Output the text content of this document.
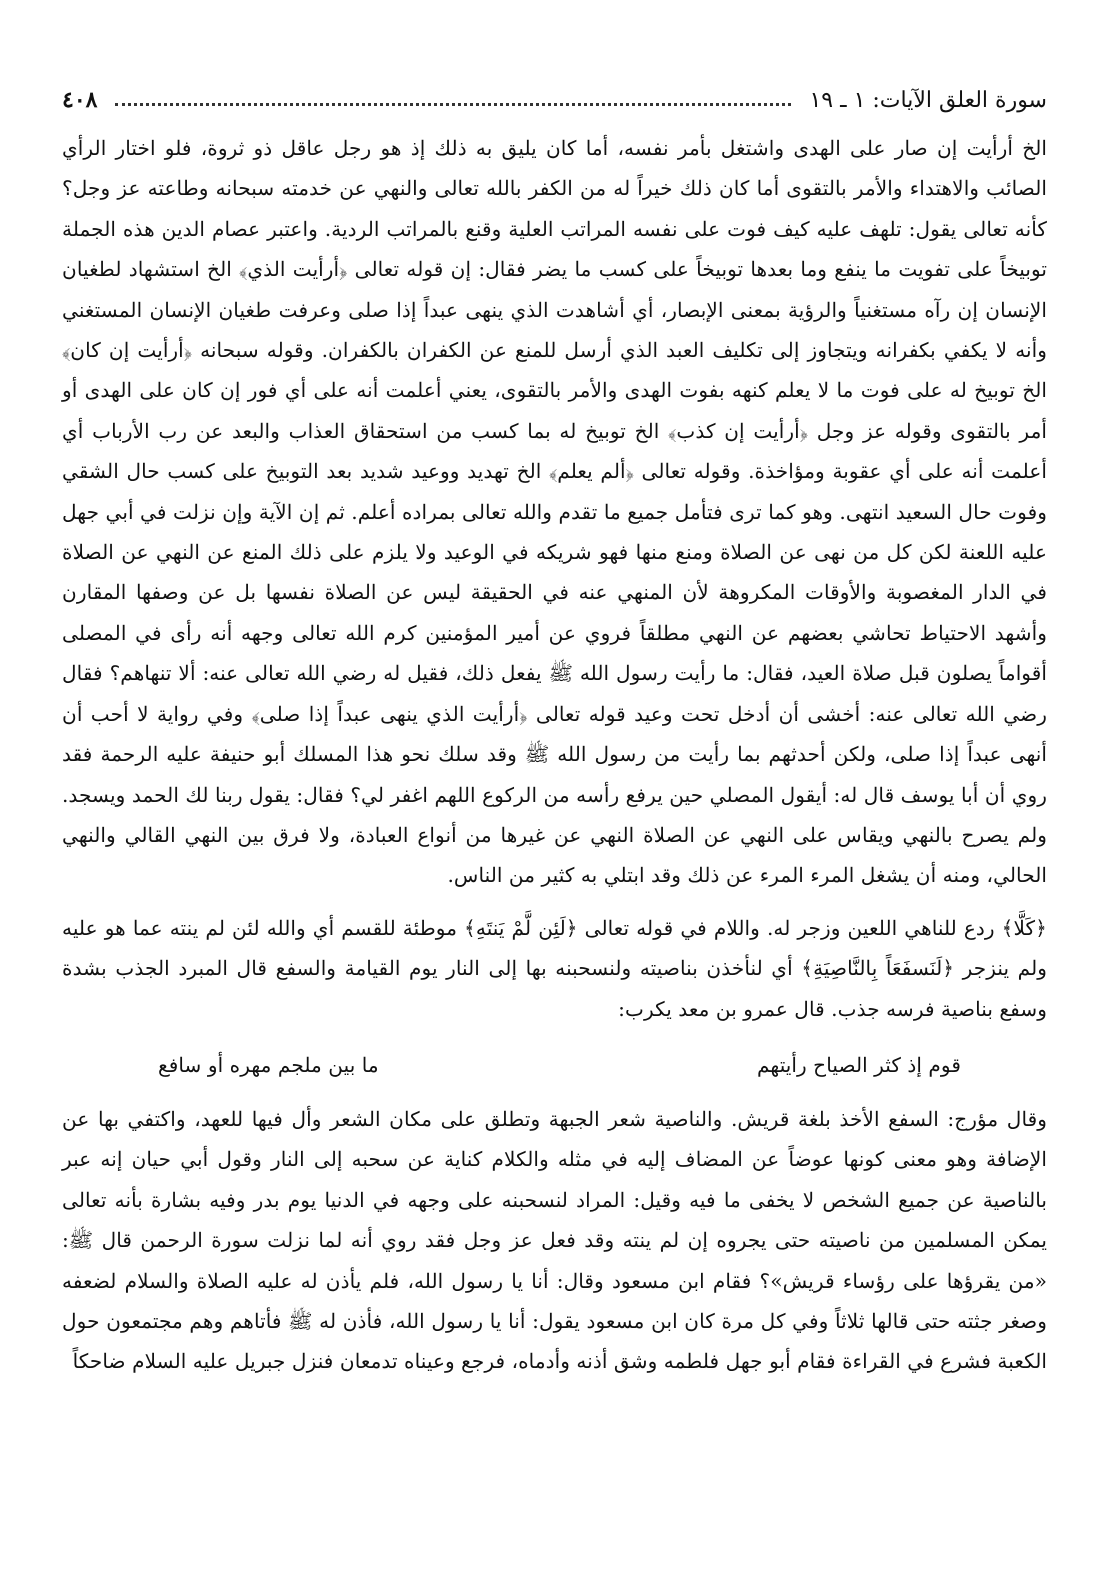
سورة العلق الآيات: ١ ـ ١٩
٤٠٨

الخ أرأيت إن صار على الهدى واشتغل بأمر نفسه، أما كان يليق به ذلك إذ هو رجل عاقل ذو ثروة، فلو اختار الرأي الصائب والاهتداء والأمر بالتقوى أما كان ذلك خيراً له من الكفر بالله تعالى والنهي عن خدمته سبحانه وطاعته عز وجل؟ كأنه تعالى يقول: تلهف عليه كيف فوت على نفسه المراتب العلية وقنع بالمراتب الردية. واعتبر عصام الدين هذه الجملة توبيخاً على تفويت ما ينفع وما بعدها توبيخاً على كسب ما يضر فقال: إن قوله تعالى ﴿أرأيت الذي﴾ الخ استشهاد لطغيان الإنسان إن رآه مستغنياً والرؤية بمعنى الإبصار، أي أشاهدت الذي ينهى عبداً إذا صلى وعرفت طغيان الإنسان المستغني وأنه لا يكفي بكفرانه ويتجاوز إلى تكليف العبد الذي أرسل للمنع عن الكفران بالكفران. وقوله سبحانه ﴿أرأيت إن كان﴾ الخ توبيخ له على فوت ما لا يعلم كنهه بفوت الهدى والأمر بالتقوى، يعني أعلمت أنه على أي فور إن كان على الهدى أو أمر بالتقوى وقوله عز وجل ﴿أرأيت إن كذب﴾ الخ توبيخ له بما كسب من استحقاق العذاب والبعد عن رب الأرباب أي أعلمت أنه على أي عقوبة ومؤاخذة. وقوله تعالى ﴿ألم يعلم﴾ الخ تهديد ووعيد شديد بعد التوبيخ على كسب حال الشقي وفوت حال السعيد انتهى. وهو كما ترى فتأمل جميع ما تقدم والله تعالى بمراده أعلم. ثم إن الآية وإن نزلت في أبي جهل عليه اللعنة لكن كل من نهى عن الصلاة ومنع منها فهو شريكه في الوعيد ولا يلزم على ذلك المنع عن النهي عن الصلاة في الدار المغصوبة والأوقات المكروهة لأن المنهي عنه في الحقيقة ليس عن الصلاة نفسها بل عن وصفها المقارن وأشهد الاحتياط تحاشي بعضهم عن النهي مطلقاً فروي عن أمير المؤمنين كرم الله تعالى وجهه أنه رأى في المصلى أقواماً يصلون قبل صلاة العيد، فقال: ما رأيت رسول الله ﷺ يفعل ذلك، فقيل له رضي الله تعالى عنه: ألا تنهاهم؟ فقال رضي الله تعالى عنه: أخشى أن أدخل تحت وعيد قوله تعالى ﴿أرأيت الذي ينهى عبداً إذا صلى﴾ وفي رواية لا أحب أن أنهى عبداً إذا صلى، ولكن أحدثهم بما رأيت من رسول الله ﷺ وقد سلك نحو هذا المسلك أبو حنيفة عليه الرحمة فقد روي أن أبا يوسف قال له: أيقول المصلي حين يرفع رأسه من الركوع اللهم اغفر لي؟ فقال: يقول ربنا لك الحمد ويسجد. ولم يصرح بالنهي ويقاس على النهي عن الصلاة النهي عن غيرها من أنواع العبادة، ولا فرق بين النهي القالي والنهي الحالي، ومنه أن يشغل المرء المرء عن ذلك وقد ابتلي به كثير من الناس.

﴿كَلَّا﴾ ردع للناهي اللعين وزجر له. واللام في قوله تعالى ﴿لَئِن لَّمْ يَنتَهِ﴾ موطئة للقسم أي والله لئن لم ينته عما هو عليه ولم ينزجر ﴿لَنَسفَعَاً بِالنَّاصِيَةِ﴾ أي لنأخذن بناصيته ولنسحبنه بها إلى النار يوم القيامة والسفع قال المبرد الجذب بشدة وسفع بناصية فرسه جذب. قال عمرو بن معد يكرب:

قوم إذ كثر الصياح رأيتهم
ما بين ملجم مهره أو سافع

وقال مؤرج: السفع الأخذ بلغة قريش. والناصية شعر الجبهة وتطلق على مكان الشعر وأل فيها للعهد، واكتفي بها عن الإضافة وهو معنى كونها عوضاً عن المضاف إليه في مثله والكلام كناية عن سحبه إلى النار وقول أبي حيان إنه عبر بالناصية عن جميع الشخص لا يخفى ما فيه وقيل: المراد لنسحبنه على وجهه في الدنيا يوم بدر وفيه بشارة بأنه تعالى يمكن المسلمين من ناصيته حتى يجروه إن لم ينته وقد فعل عز وجل فقد روي أنه لما نزلت سورة الرحمن قال ﷺ: «من يقرؤها على رؤساء قريش»؟ فقام ابن مسعود وقال: أنا يا رسول الله، فلم يأذن له عليه الصلاة والسلام لضعفه وصغر جثته حتى قالها ثلاثاً وفي كل مرة كان ابن مسعود يقول: أنا يا رسول الله، فأذن له ﷺ فأتاهم وهم مجتمعون حول الكعبة فشرع في القراءة فقام أبو جهل فلطمه وشق أذنه وأدماه، فرجع وعيناه تدمعان فنزل جبريل عليه السلام ضاحكاً
